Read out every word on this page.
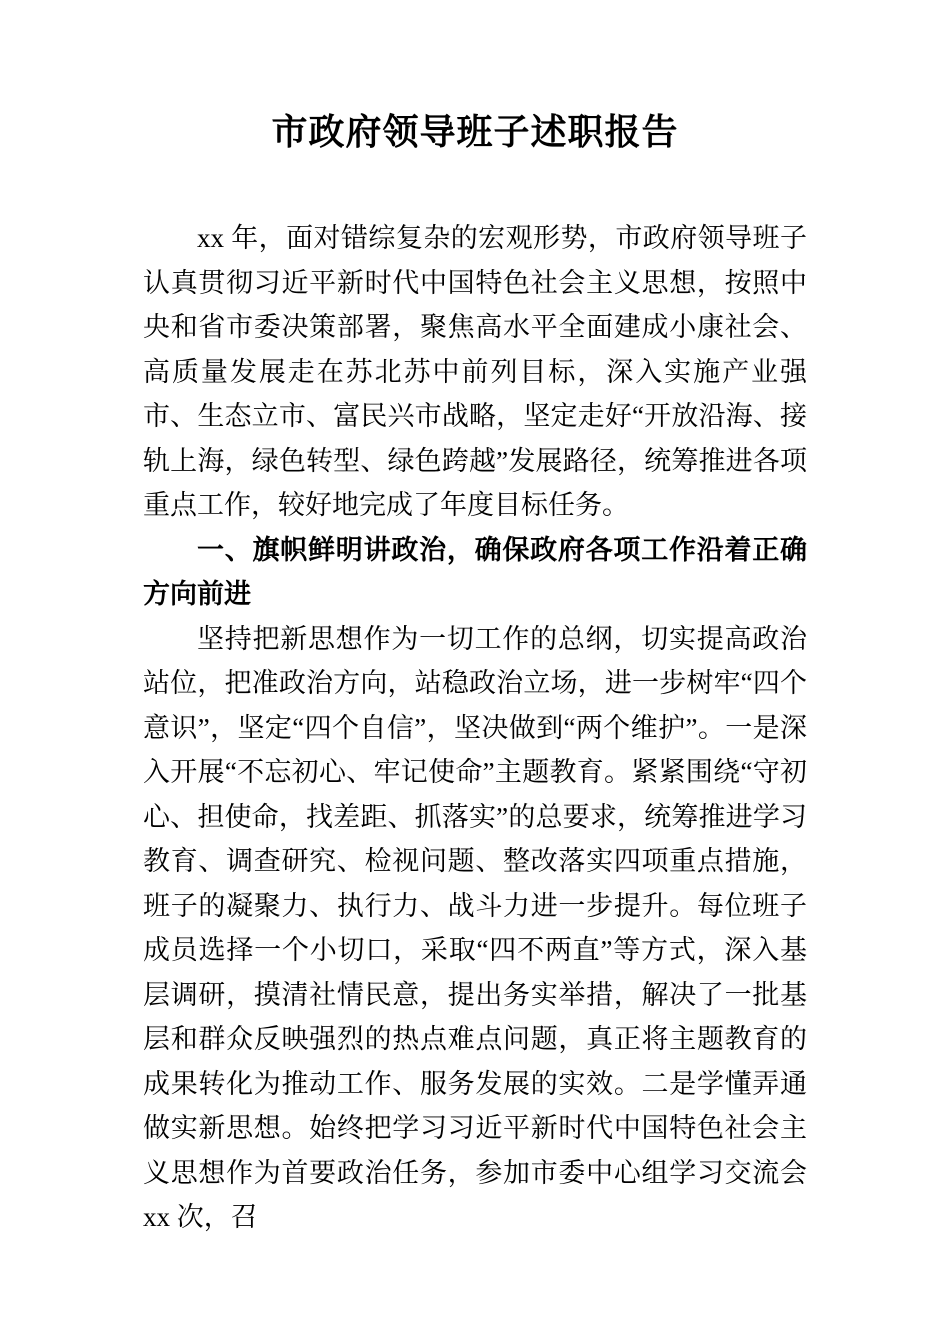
市政府领导班子述职报告

xx 年，面对错综复杂的宏观形势，市政府领导班子认真贯彻习近平新时代中国特色社会主义思想，按照中央和省市委决策部署，聚焦高水平全面建成小康社会、高质量发展走在苏北苏中前列目标，深入实施产业强市、生态立市、富民兴市战略，坚定走好“开放沿海、接轨上海，绿色转型、绿色跨越”发展路径，统筹推进各项重点工作，较好地完成了年度目标任务。

一、旗帜鲜明讲政治，确保政府各项工作沿着正确方向前进

坚持把新思想作为一切工作的总纲，切实提高政治站位，把准政治方向，站稳政治立场，进一步树牢“四个意识”，坚定“四个自信”，坚决做到“两个维护”。一是深入开展“不忘初心、牢记使命”主题教育。紧紧围绕“守初心、担使命，找差距、抓落实”的总要求，统筹推进学习教育、调查研究、检视问题、整改落实四项重点措施，班子的凝聚力、执行力、战斗力进一步提升。每位班子成员选择一个小切口，采取“四不两直”等方式，深入基层调研，摸清社情民意，提出务实举措，解决了一批基层和群众反映强烈的热点难点问题，真正将主题教育的成果转化为推动工作、服务发展的实效。二是学懂弄通做实新思想。始终把学习习近平新时代中国特色社会主义思想作为首要政治任务，参加市委中心组学习交流会 xx 次，召
